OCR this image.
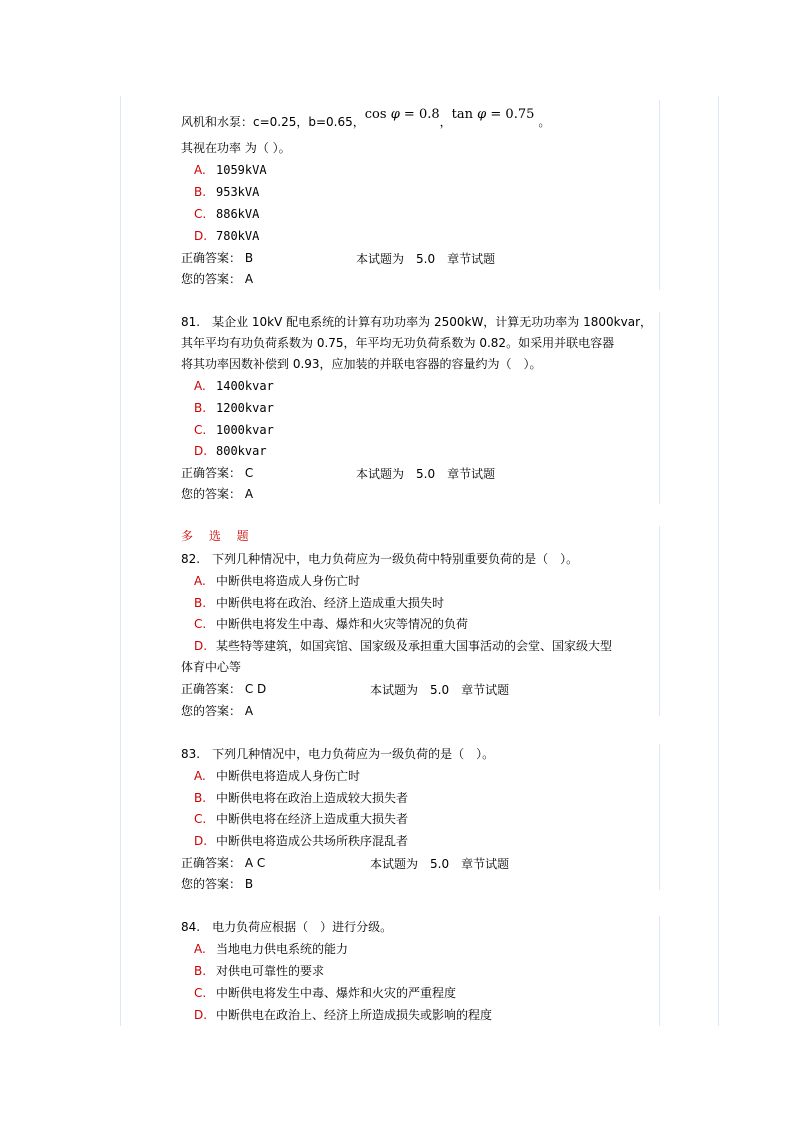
风机和水泵：c=0.25，b=0.65，cos φ = 0.8，tan φ = 0.75 。
其视在功率 为（ ）。
A. 1059kVA
B. 953kVA
C. 886kVA
D. 780kVA
正确答案： B	本试题为　5.0　章节试题
您的答案： A
81.　某企业 10kV 配电系统的计算有功功率为 2500kW，计算无功功率为 1800kvar，
其年平均有功负荷系数为 0.75，年平均无功负荷系数为 0.82。如采用并联电容器
将其功率因数补偿到 0.93，应加装的并联电容器的容量约为（　）。
A. 1400kvar
B. 1200kvar
C. 1000kvar
D. 800kvar
正确答案： C	本试题为　5.0　章节试题
您的答案： A
多 选 题
82.　下列几种情况中，电力负荷应为一级负荷中特别重要负荷的是（　）。
A. 中断供电将造成人身伤亡时
B. 中断供电将在政治、经济上造成重大损失时
C. 中断供电将发生中毒、爆炸和火灾等情况的负荷
D. 某些特等建筑，如国宾馆、国家级及承担重大国事活动的会堂、国家级大型
体育中心等
正确答案： C D	本试题为　5.0　章节试题
您的答案： A
83.　下列几种情况中，电力负荷应为一级负荷的是（　）。
A. 中断供电将造成人身伤亡时
B. 中断供电将在政治上造成较大损失者
C. 中断供电将在经济上造成重大损失者
D. 中断供电将造成公共场所秩序混乱者
正确答案： A C	本试题为　5.0　章节试题
您的答案： B
84.　电力负荷应根据（　）进行分级。
A. 当地电力供电系统的能力
B. 对供电可靠性的要求
C. 中断供电将发生中毒、爆炸和火灾的严重程度
D. 中断供电在政治上、经济上所造成损失或影响的程度
